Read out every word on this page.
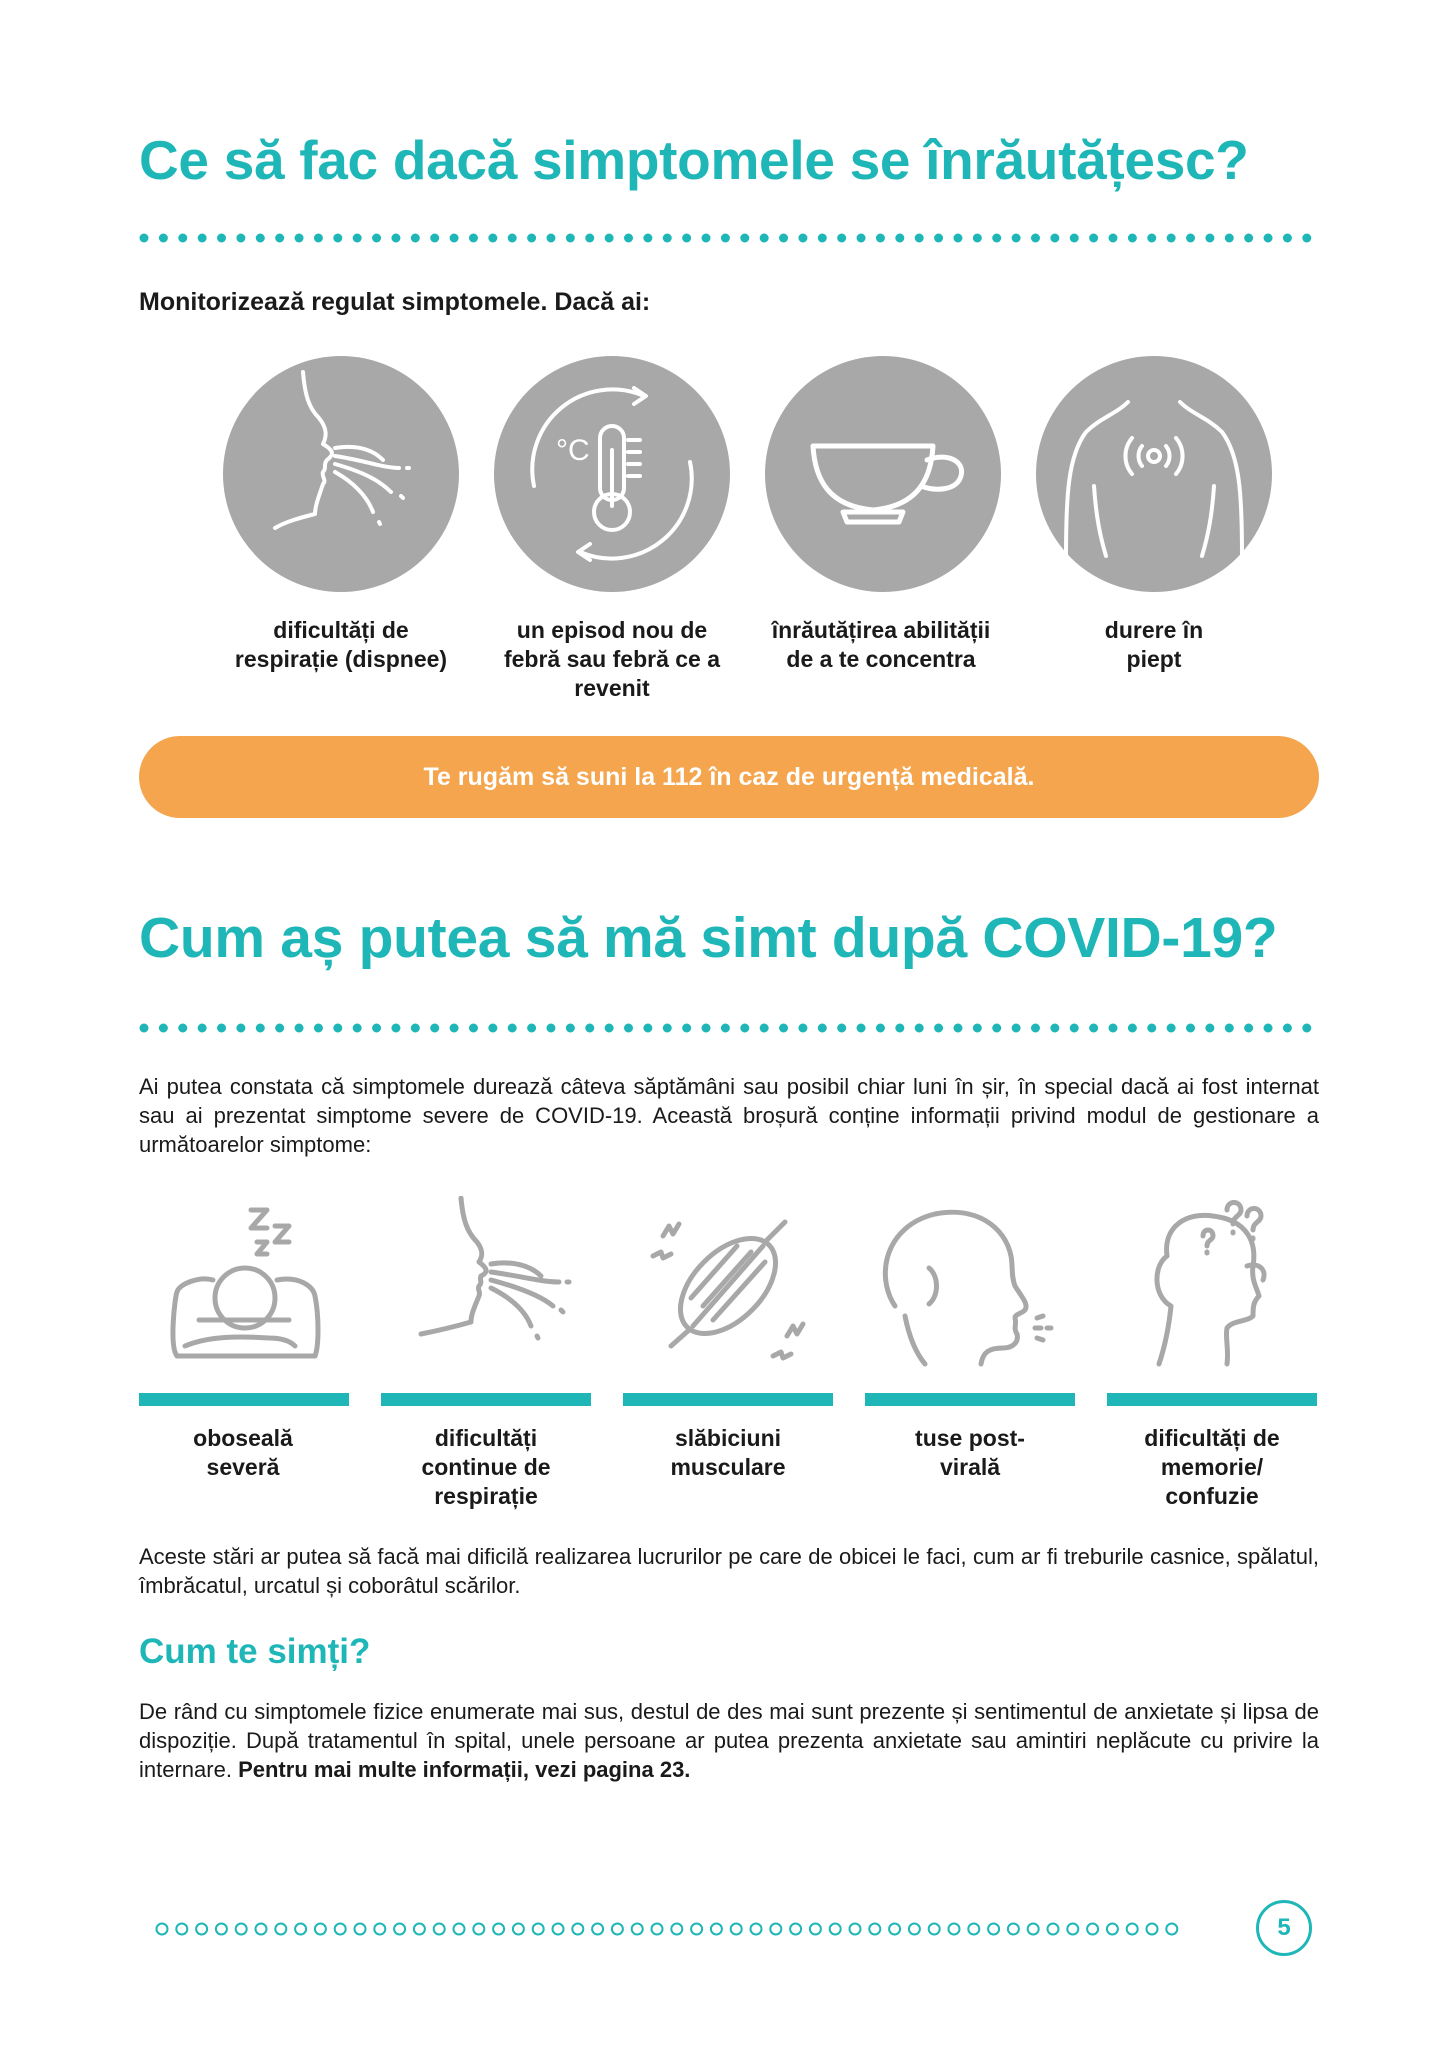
Ce să fac dacă simptomele se înrăutățesc?
Monitorizează regulat simptomele. Dacă ai:
°C
dificultăți de respirație (dispnee)
un episod nou de febră sau febră ce a revenit
înrăutățirea abilității de a te concentra
durere în piept
Te rugăm să suni la 112 în caz de urgență medicală.
Cum aș putea să mă simt după COVID-19?

Ai putea constata că simptomele durează câteva săptămâni sau posibil chiar luni în șir, în special dacă ai fost internat sau ai prezentat simptome severe de COVID-19. Această broșură conține informații privind modul de gestionare a următoarelor simptome:

oboseală severă
dificultăți continue de respirație
slăbiciuni musculare
tuse post-virală
dificultăți de memorie/ confuzie

Aceste stări ar putea să facă mai dificilă realizarea lucrurilor pe care de obicei le faci, cum ar fi treburile casnice, spălatul, îmbrăcatul, urcatul și coborâtul scărilor.

Cum te simți?

De rând cu simptomele fizice enumerate mai sus, destul de des mai sunt prezente și sentimentul de anxietate și lipsa de dispoziție. După tratamentul în spital, unele persoane ar putea prezenta anxietate sau amintiri neplăcute cu privire la internare. Pentru mai multe informații, vezi pagina 23.

5
